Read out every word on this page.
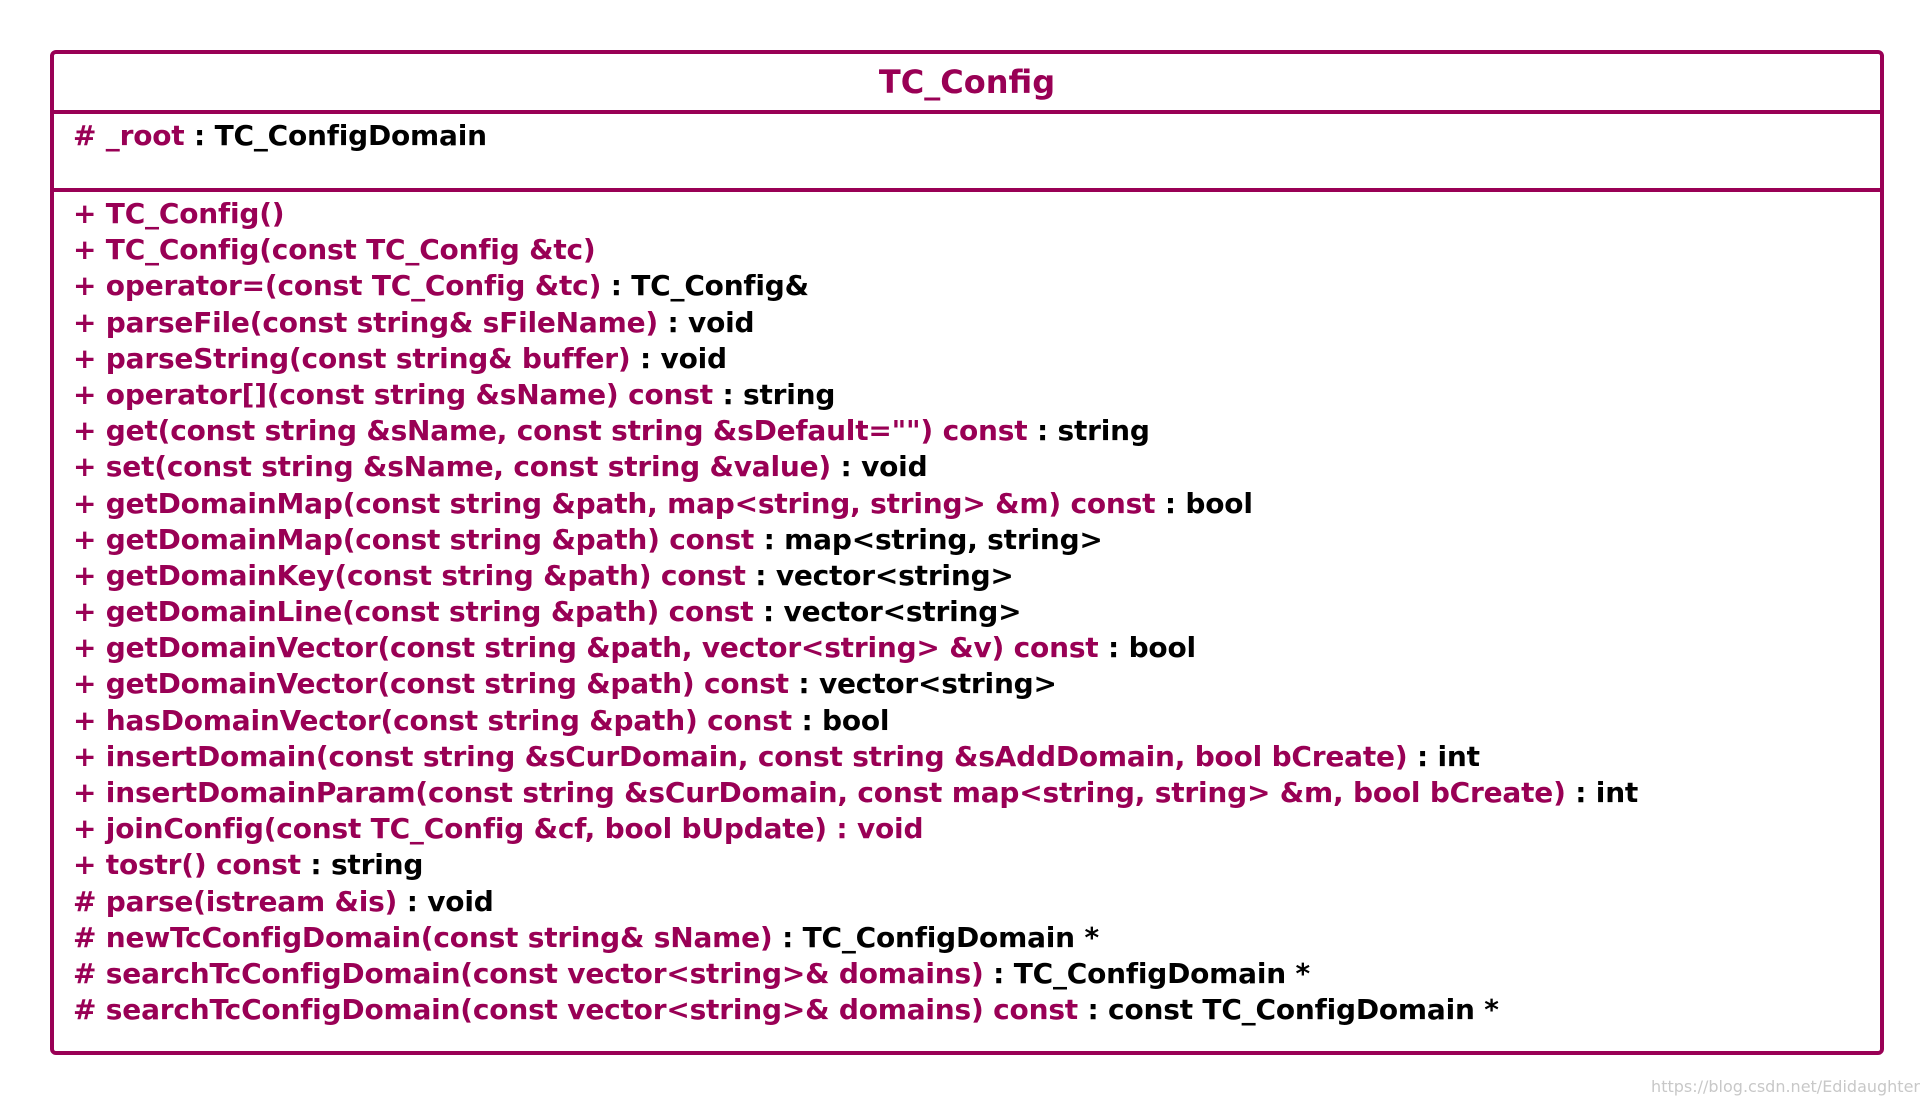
TC_Config
# _root : TC_ConfigDomain
+ TC_Config()
+ TC_Config(const TC_Config &tc)
+ operator=(const TC_Config &tc) : TC_Config&
+ parseFile(const string& sFileName) : void
+ parseString(const string& buffer) : void
+ operator[](const string &sName) const : string
+ get(const string &sName, const string &sDefault="") const : string
+ set(const string &sName, const string &value) : void
+ getDomainMap(const string &path, map<string, string> &m) const : bool
+ getDomainMap(const string &path) const : map<string, string>
+ getDomainKey(const string &path) const : vector<string>
+ getDomainLine(const string &path) const : vector<string>
+ getDomainVector(const string &path, vector<string> &v) const : bool
+ getDomainVector(const string &path) const : vector<string>
+ hasDomainVector(const string &path) const : bool
+ insertDomain(const string &sCurDomain, const string &sAddDomain, bool bCreate) : int
+ insertDomainParam(const string &sCurDomain, const map<string, string> &m, bool bCreate) : int
+ joinConfig(const TC_Config &cf, bool bUpdate) : void
+ tostr() const : string
# parse(istream &is) : void
# newTcConfigDomain(const string& sName) : TC_ConfigDomain *
# searchTcConfigDomain(const vector<string>& domains) : TC_ConfigDomain *
# searchTcConfigDomain(const vector<string>& domains) const : const TC_ConfigDomain *
https://blog.csdn.net/Edidaughter
